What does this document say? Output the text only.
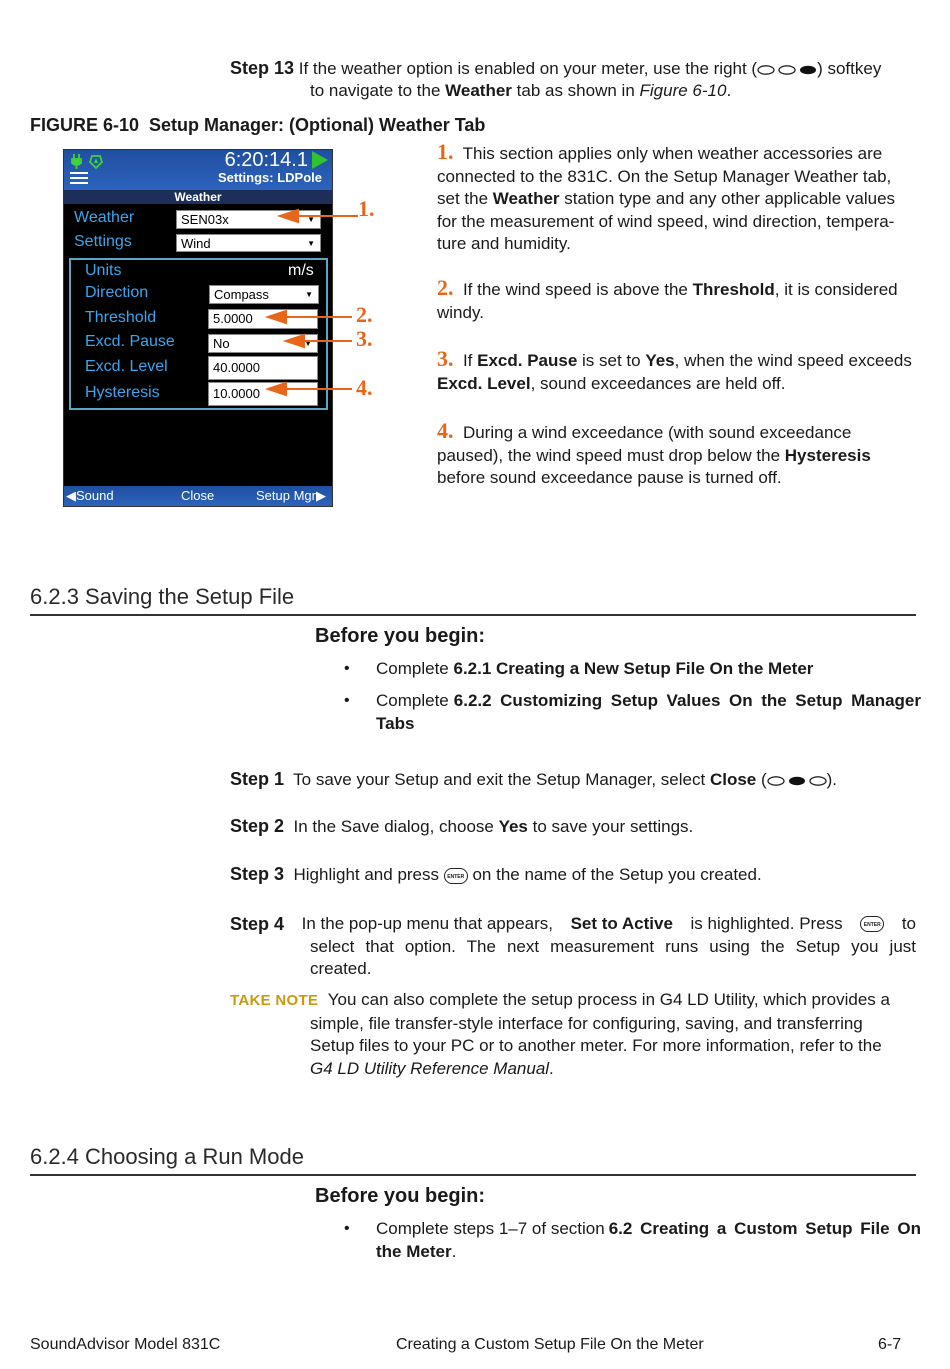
Step 13 If the weather option is enabled on your meter, use the right (	) softkey
to navigate to the Weather tab as shown in Figure 6-10.
FIGURE 6-10  Setup Manager: (Optional) Weather Tab
6:20:14.1
Settings: LDPole
Weather
Weather	SEN03x	▼
Settings	Wind	▼
Units	m/s
Direction	Compass	▼
Threshold	5.0000
Excd. Pause	No	▼
Excd. Level	40.0000
Hysteresis	10.0000
◀Sound	Close	Setup Mgr▶
1.
2.
3.
4.
1. This section applies only when weather accessories are
connected to the 831C. On the Setup Manager Weather tab,
set the Weather station type and any other applicable values
for the measurement of wind speed, wind direction, tempera-
ture and humidity.
2. If the wind speed is above the Threshold, it is considered
windy.
3. If Excd. Pause is set to Yes, when the wind speed exceeds
Excd. Level, sound exceedances are held off.
4. During a wind exceedance (with sound exceedance
paused), the wind speed must drop below the Hysteresis
before sound exceedance pause is turned off.
6.2.3 Saving the Setup File
Before you begin:
• Complete 6.2.1 Creating a New Setup File On the Meter
• Complete 6.2.2 Customizing Setup Values On the Setup Manager
Tabs
Step 1 To save your Setup and exit the Setup Manager, select Close (	).
Step 2 In the Save dialog, choose Yes to save your settings.
Step 3 Highlight and press ENTER on the name of the Setup you created.
Step 4 In the pop-up menu that appears, Set to Active is highlighted. Press	ENTER to
select that option. The next measurement runs using the Setup you just
created.
TAKE NOTE You can also complete the setup process in G4 LD Utility, which provides a
simple, file transfer-style interface for configuring, saving, and transferring
Setup files to your PC or to another meter. For more information, refer to the
G4 LD Utility Reference Manual.
6.2.4 Choosing a Run Mode
Before you begin:
• Complete steps 1–7 of section 6.2 Creating a Custom Setup File On
the Meter.
SoundAdvisor Model 831C	Creating a Custom Setup File On the Meter	6-7
